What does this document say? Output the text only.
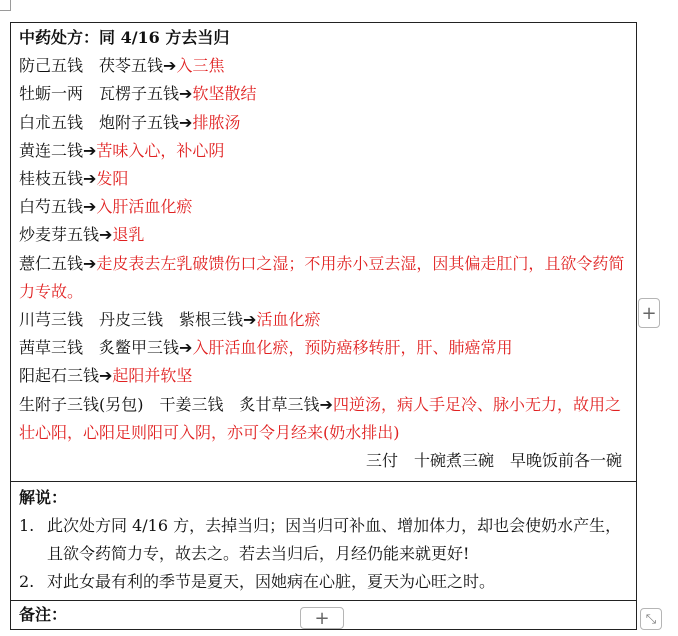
中药处方：同 4/16 方去当归
防己五钱 茯苓五钱➔入三焦
牡蛎一两 瓦楞子五钱➔软坚散结
白朮五钱 炮附子五钱➔排脓汤
黄连二钱➔苦味入心，补心阴
桂枝五钱➔发阳
白芍五钱➔入肝活血化瘀
炒麦芽五钱➔退乳
薏仁五钱➔走皮表去左乳破馈伤口之湿；不用赤小豆去湿，因其偏走肛门，且欲令药简力专故。
川芎三钱 丹皮三钱 紫根三钱➔活血化瘀
茜草三钱 炙鳖甲三钱➔入肝活血化瘀，预防癌移转肝，肝、肺癌常用
阳起石三钱➔起阳并软坚
生附子三钱(另包) 干姜三钱 炙甘草三钱➔四逆汤，病人手足冷、脉小无力，故用之壮心阳，心阳足则阳可入阴，亦可令月经来(奶水排出)
三付　十碗煮三碗　早晚饭前各一碗
解说：
1. 此次处方同 4/16 方，去掉当归；因当归可补血、增加体力，却也会使奶水产生，且欲令药简力专，故去之。若去当归后，月经仍能来就更好!
2. 对此女最有利的季节是夏天，因她病在心脏，夏天为心旺之时。
备注：
+
+	⤡
